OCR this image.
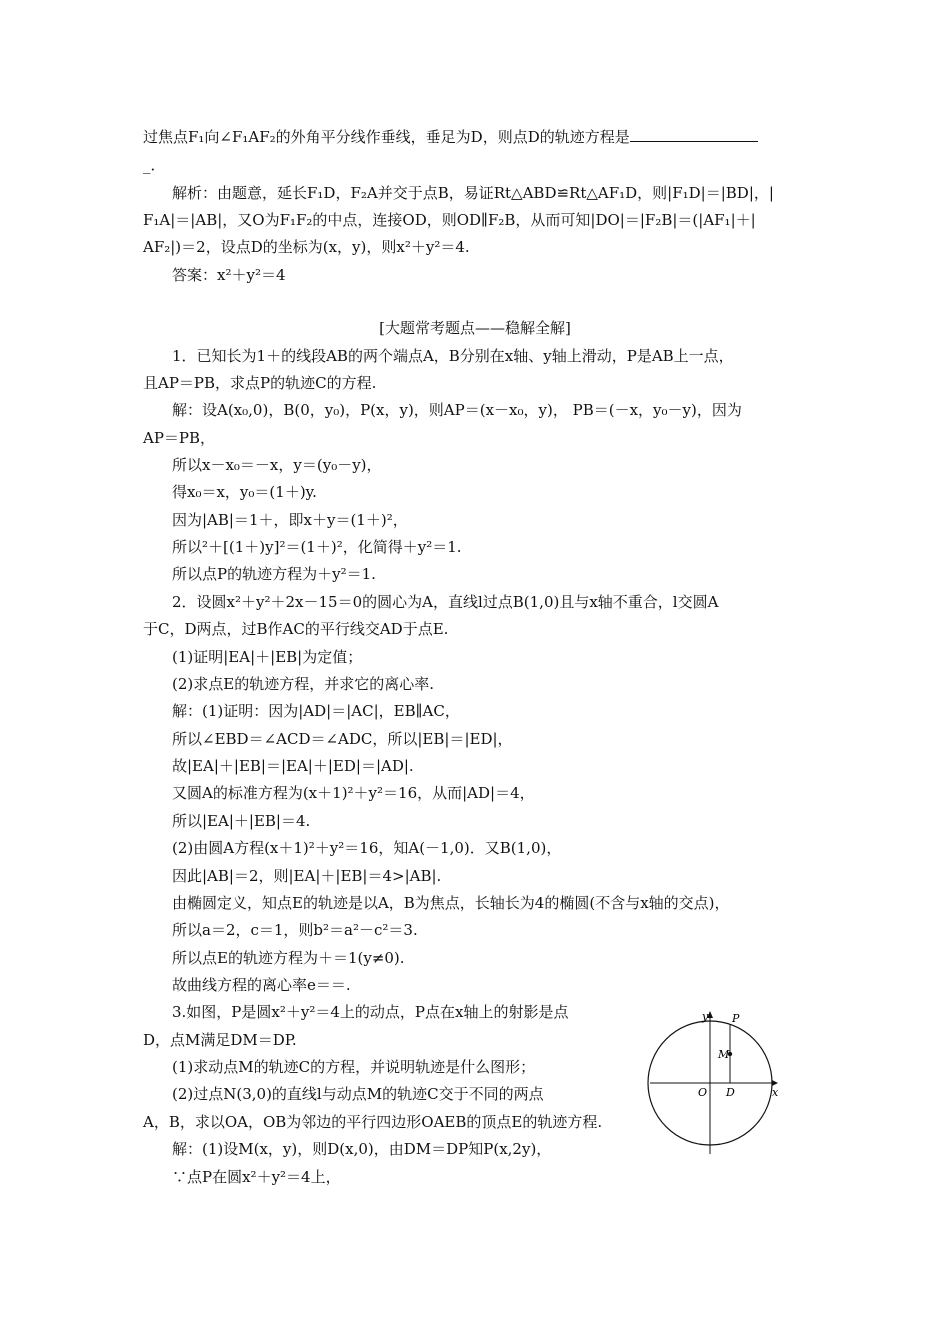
过焦点F₁向∠F₁AF₂的外角平分线作垂线，垂足为D，则点D的轨迹方程是
_．
解析：由题意，延长F₁D，F₂A并交于点B，易证Rt△ABD≌Rt△AF₁D，则|F₁D|＝|BD|，|
F₁A|＝|AB|，又O为F₁F₂的中点，连接OD，则OD∥F₂B，从而可知|DO|＝|F₂B|＝(|AF₁|＋|
AF₂|)＝2，设点D的坐标为(x，y)，则x²＋y²＝4.
答案：x²＋y²＝4
[大题常考题点——稳解全解]
1．已知长为1＋的线段AB的两个端点A，B分别在x轴、y轴上滑动，P是AB上一点，
且AP＝PB，求点P的轨迹C的方程.
解：设A(x₀,0)，B(0，y₀)，P(x，y)，则AP＝(x－x₀，y)， PB＝(－x，y₀－y)，因为
AP＝PB，
所以x－x₀＝－x，y＝(y₀－y)，
得x₀＝x，y₀＝(1＋)y.
因为|AB|＝1＋，即x＋y＝(1＋)²，
所以²＋[(1＋)y]²＝(1＋)²，化简得＋y²＝1.
所以点P的轨迹方程为＋y²＝1.
2．设圆x²＋y²＋2x－15＝0的圆心为A，直线l过点B(1,0)且与x轴不重合，l交圆A
于C，D两点，过B作AC的平行线交AD于点E.
(1)证明|EA|＋|EB|为定值；
(2)求点E的轨迹方程，并求它的离心率.
解：(1)证明：因为|AD|＝|AC|，EB∥AC，
所以∠EBD＝∠ACD＝∠ADC，所以|EB|＝|ED|，
故|EA|＋|EB|＝|EA|＋|ED|＝|AD|.
又圆A的标准方程为(x＋1)²＋y²＝16，从而|AD|＝4，
所以|EA|＋|EB|＝4.
(2)由圆A方程(x＋1)²＋y²＝16，知A(－1,0)．又B(1,0)，
因此|AB|＝2，则|EA|＋|EB|＝4>|AB|.
由椭圆定义，知点E的轨迹是以A，B为焦点，长轴长为4的椭圆(不含与x轴的交点)，
所以a＝2，c＝1，则b²＝a²－c²＝3.
所以点E的轨迹方程为＋＝1(y≠0).
故曲线方程的离心率e＝＝.
3.如图，P是圆x²＋y²＝4上的动点，P点在x轴上的射影是点
D，点M满足DM＝DP.
(1)求动点M的轨迹C的方程，并说明轨迹是什么图形；
(2)过点N(3,0)的直线l与动点M的轨迹C交于不同的两点
A，B，求以OA，OB为邻边的平行四边形OAEB的顶点E的轨迹方程.
解：(1)设M(x，y)，则D(x,0)，由DM＝DP知P(x,2y)，
∵点P在圆x²＋y²＝4上，
y
x
O D
P
M
